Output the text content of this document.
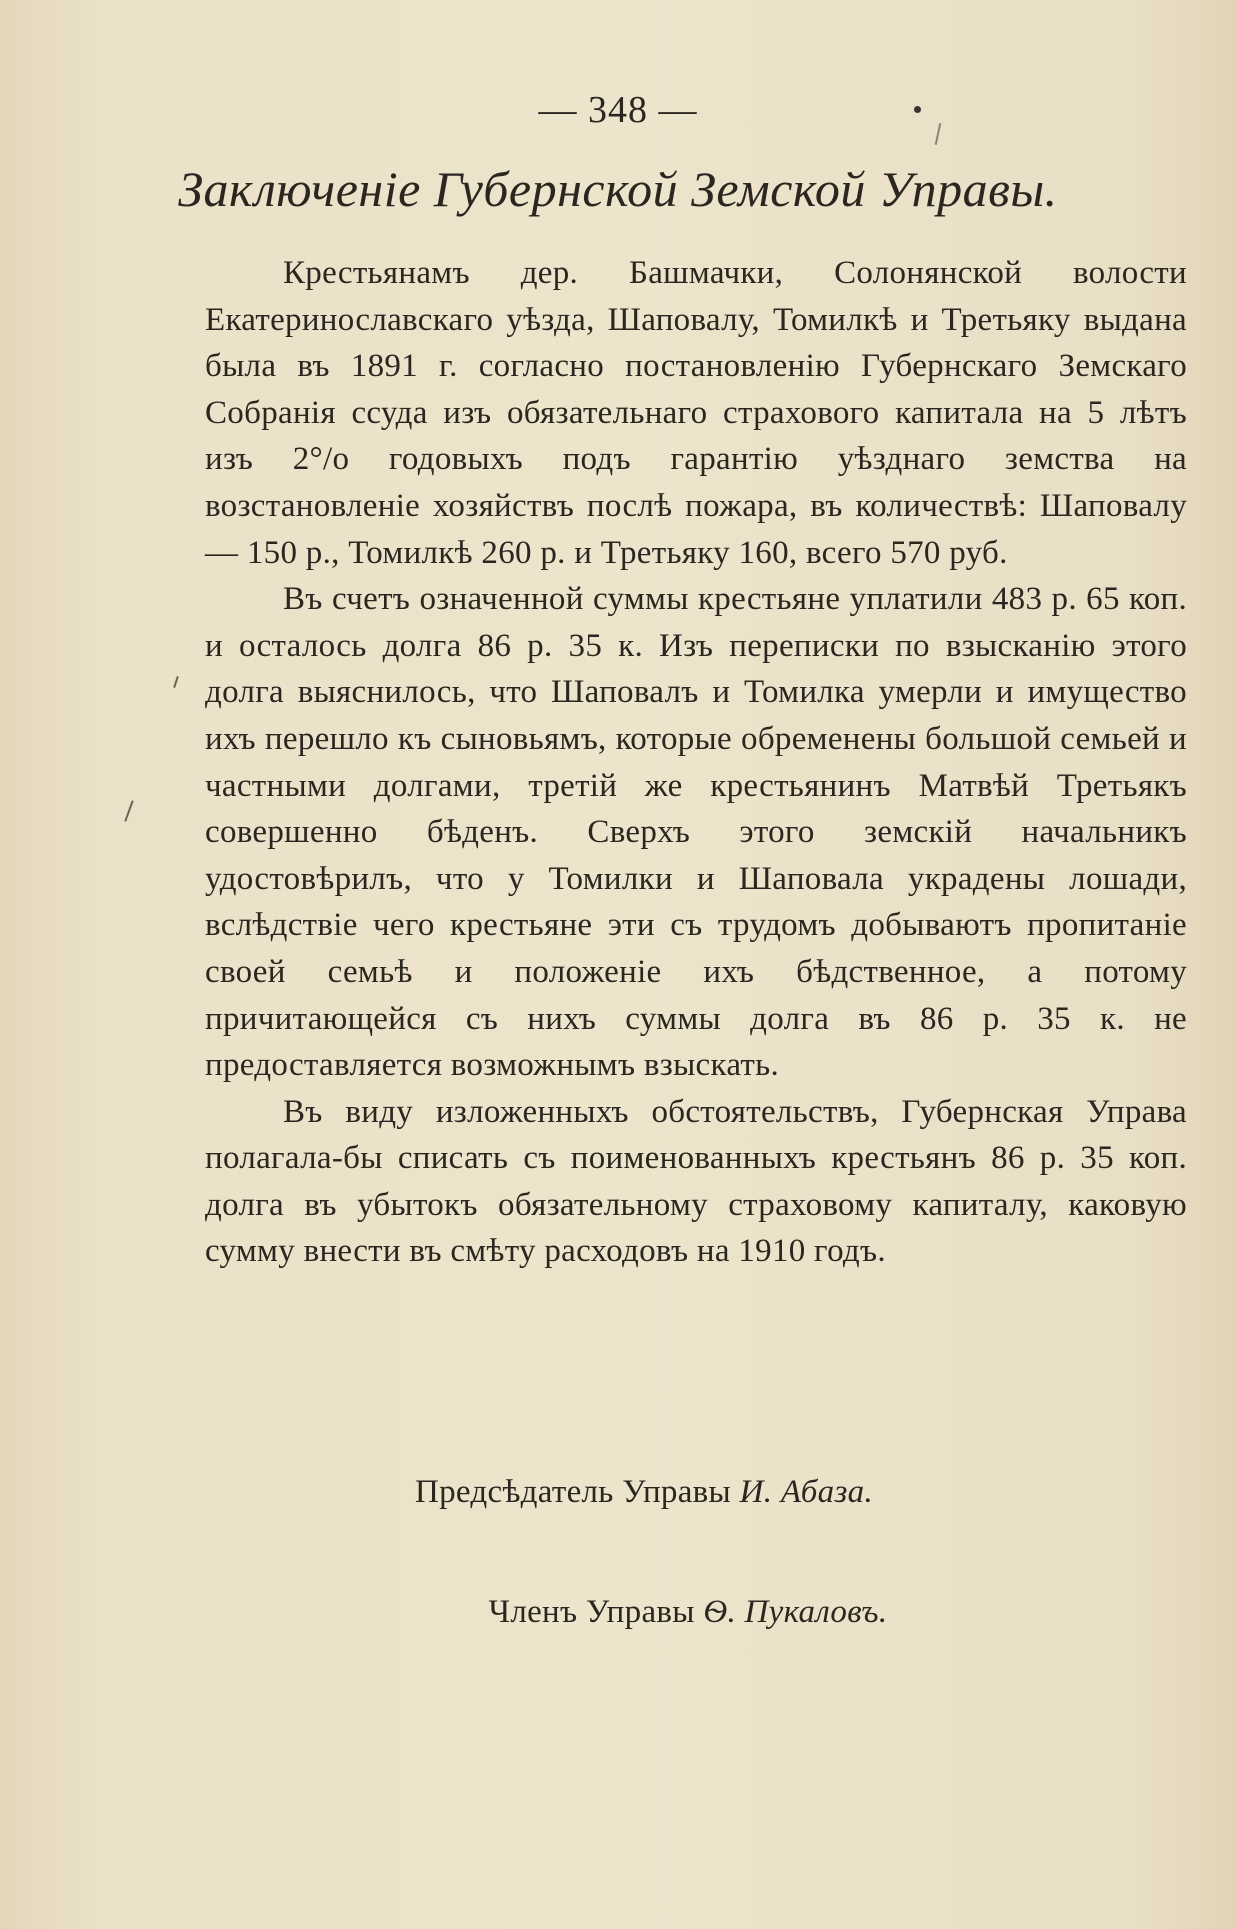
— 348 —
Заключеніе Губернской Земской Управы.

Крестьянамъ дер. Башмачки, Солонянской волости Екатеринославскаго уѣзда, Шаповалу, Томилкѣ и Третьяку выдана была въ 1891 г. согласно постановленію Губернскаго Земскаго Собранія ссуда изъ обязательнаго страхового капитала на 5 лѣтъ изъ 2°/о годовыхъ подъ гарантію уѣзднаго земства на возстановленіе хозяйствъ послѣ пожара, въ количествѣ: Шаповалу — 150 р., Томилкѣ 260 р. и Третьяку 160, всего 570 руб.

Въ счетъ означенной суммы крестьяне уплатили 483 р. 65 коп. и осталось долга 86 р. 35 к. Изъ переписки по взысканію этого долга выяснилось, что Шаповалъ и Томилка умерли и имущество ихъ перешло къ сыновьямъ, которые обременены большой семьей и частными долгами, третій же крестьянинъ Матвѣй Третьякъ совершенно бѣденъ. Сверхъ этого земскій начальникъ удостовѣрилъ, что у Томилки и Шаповала украдены лошади, вслѣдствіе чего крестьяне эти съ трудомъ добываютъ пропитаніе своей семьѣ и положеніе ихъ бѣдственное, а потому причитающейся съ нихъ суммы долга въ 86 р. 35 к. не предоставляется возможнымъ взыскать.

Въ виду изложенныхъ обстоятельствъ, Губернская Управа полагала-бы списать съ поименованныхъ крестьянъ 86 р. 35 коп. долга въ убытокъ обязательному страховому капиталу, каковую сумму внести въ смѣту расходовъ на 1910 годъ.

Предсѣдатель Управы И. Абаза.
Членъ Управы Ѳ. Пукаловъ.
